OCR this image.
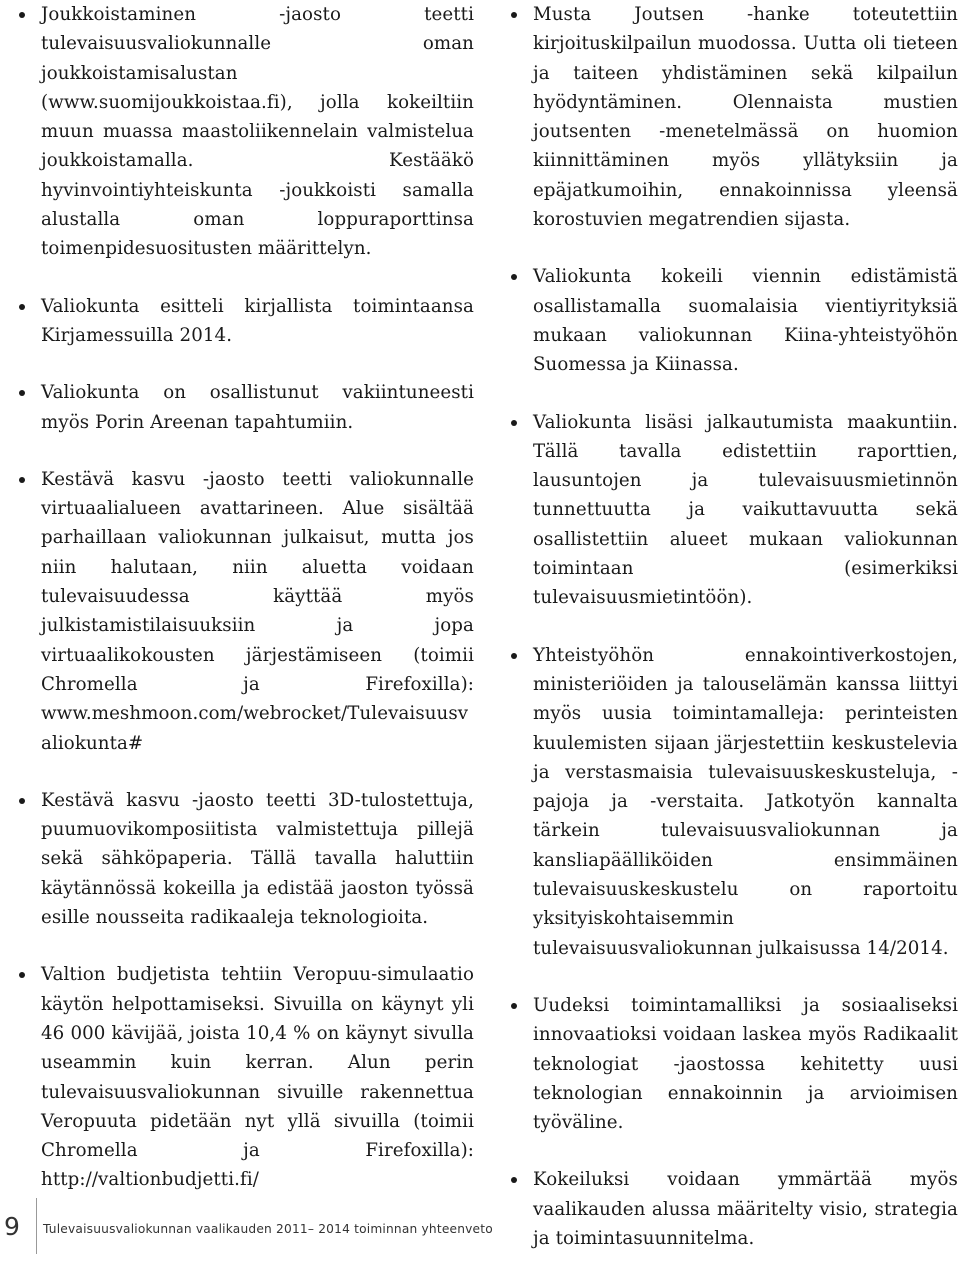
Joukkoistaminen -jaosto teetti tulevaisuusvaliokunnalle oman joukkoistamisalustan (www.suomijoukkoistaa.fi), jolla kokeiltiin muun muassa maastoliikennelain valmistelua joukkoistamalla. Kestääkö hyvinvointiyhteiskunta -joukkoisti samalla alustalla oman loppuraporttinsa toimenpidesuositusten määrittelyn.

Valiokunta esitteli kirjallista toimintaansa Kirjamessuilla 2014.

Valiokunta on osallistunut vakiintuneesti myös Porin Areenan tapahtumiin.

Kestävä kasvu -jaosto teetti valiokunnalle virtuaalialueen avattarineen. Alue sisältää parhaillaan valiokunnan julkaisut, mutta jos niin halutaan, niin aluetta voidaan tulevaisuudessa käyttää myös julkistamistilaisuuksiin ja jopa virtuaalikokousten järjestämiseen (toimii Chromella ja Firefoxilla): www.meshmoon.com/webrocket/Tulevaisuusvaliokunta#

Kestävä kasvu -jaosto teetti 3D-tulostettuja, puumuovikomposiitista valmistettuja pillejä sekä sähköpaperia. Tällä tavalla haluttiin käytännössä kokeilla ja edistää jaoston työssä esille nousseita radikaaleja teknologioita.

Valtion budjetista tehtiin Veropuu-simulaatio käytön helpottamiseksi. Sivuilla on käynyt yli 46 000 kävijää, joista 10,4 % on käynyt sivulla useammin kuin kerran. Alun perin tulevaisuusvaliokunnan sivuille rakennettua Veropuuta pidetään nyt yllä sivuilla (toimii Chromella ja Firefoxilla): http://valtionbudjetti.fi/

Musta Joutsen -hanke toteutettiin kirjoituskilpailun muodossa. Uutta oli tieteen ja taiteen yhdistäminen sekä kilpailun hyödyntäminen. Olennaista mustien joutsenten -menetelmässä on huomion kiinnittäminen myös yllätyksiin ja epäjatkumoihin, ennakoinnissa yleensä korostuvien megatrendien sijasta.

Valiokunta kokeili viennin edistämistä osallistamalla suomalaisia vientiyrityksiä mukaan valiokunnan Kiina-yhteistyöhön Suomessa ja Kiinassa.

Valiokunta lisäsi jalkautumista maakuntiin. Tällä tavalla edistettiin raporttien, lausuntojen ja tulevaisuusmietinnön tunnettuutta ja vaikuttavuutta sekä osallistettiin alueet mukaan valiokunnan toimintaan (esimerkiksi tulevaisuusmietintöön).

Yhteistyöhön ennakointiverkostojen, ministeriöiden ja talouselämän kanssa liittyi myös uusia toimintamalleja: perinteisten kuulemisten sijaan järjestettiin keskustelevia ja verstasmaisia tulevaisuuskeskusteluja, -pajoja ja -verstaita. Jatkotyön kannalta tärkein tulevaisuusvaliokunnan ja kansliapäälliköiden ensimmäinen tulevaisuuskeskustelu on raportoitu yksityiskohtaisemmin tulevaisuusvaliokunnan julkaisussa 14/2014.

Uudeksi toimintamalliksi ja sosiaaliseksi innovaatioksi voidaan laskea myös Radikaalit teknologiat -jaostossa kehitetty uusi teknologian ennakoinnin ja arvioimisen työväline.

Kokeiluksi voidaan ymmärtää myös vaalikauden alussa määritelty visio, strategia ja toimintasuunnitelma.

9	Tulevaisuusvaliokunnan vaalikauden 2011– 2014 toiminnan yhteenveto
